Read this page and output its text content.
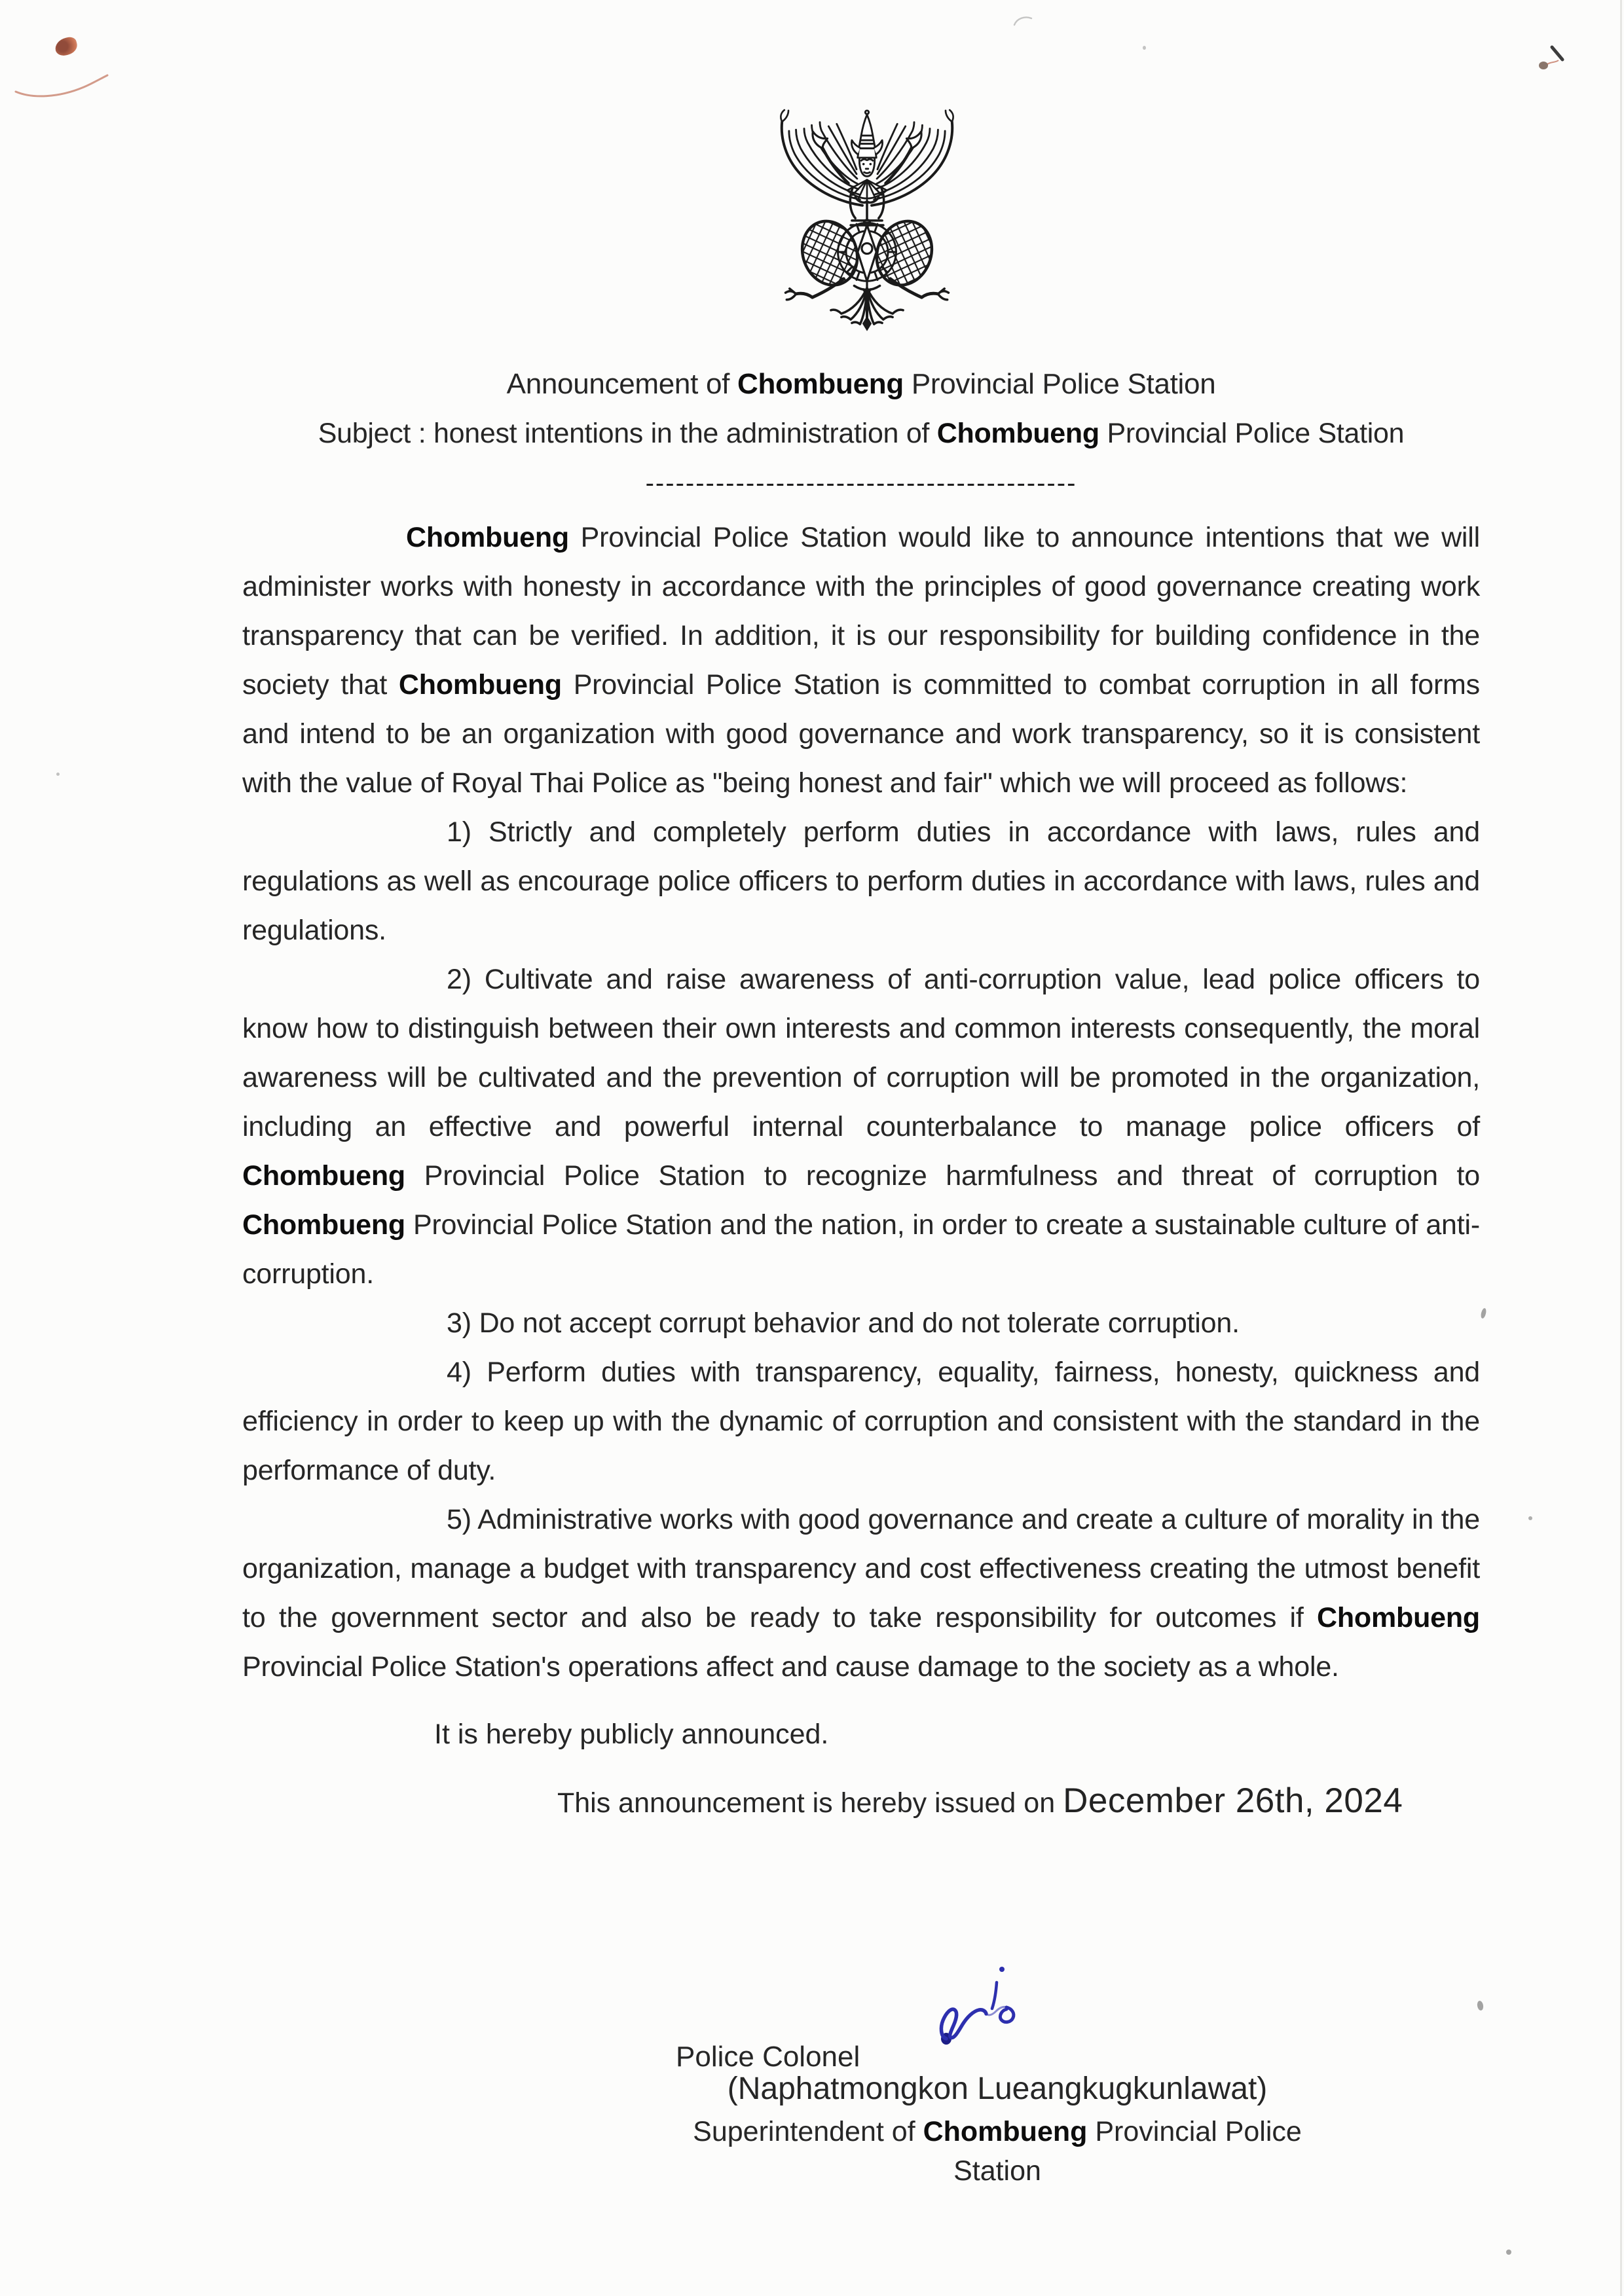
Announcement of Chombueng Provincial Police Station
Subject : honest intentions in the administration of Chombueng Provincial Police Station
-------------------------------------------

Chombueng Provincial Police Station would like to announce intentions that we will administer works with honesty in accordance with the principles of good governance creating work transparency that can be verified. In addition, it is our responsibility for building confidence in the society that Chombueng Provincial Police Station is committed to combat corruption in all forms and intend to be an organization with good governance and work transparency, so it is consistent with the value of Royal Thai Police as "being honest and fair" which we will proceed as follows:

1) Strictly and completely perform duties in accordance with laws, rules and regulations as well as encourage police officers to perform duties in accordance with laws, rules and regulations.

2) Cultivate and raise awareness of anti-corruption value, lead police officers to know how to distinguish between their own interests and common interests consequently, the moral awareness will be cultivated and the prevention of corruption will be promoted in the organization, including an effective and powerful internal counterbalance to manage police officers of Chombueng Provincial Police Station to recognize harmfulness and threat of corruption to Chombueng Provincial Police Station and the nation, in order to create a sustainable culture of anti- corruption.

3) Do not accept corrupt behavior and do not tolerate corruption.

4) Perform duties with transparency, equality, fairness, honesty, quickness and efficiency in order to keep up with the dynamic of corruption and consistent with the standard in the performance of duty.

5) Administrative works with good governance and create a culture of morality in the organization, manage a budget with transparency and cost effectiveness creating the utmost benefit to the government sector and also be ready to take responsibility for outcomes if Chombueng Provincial Police Station's operations affect and cause damage to the society as a whole.

It is hereby publicly announced.

This announcement is hereby issued on December 26th, 2024

Police Colonel
(Naphatmongkon Lueangkugkunlawat)
Superintendent of Chombueng Provincial Police Station
